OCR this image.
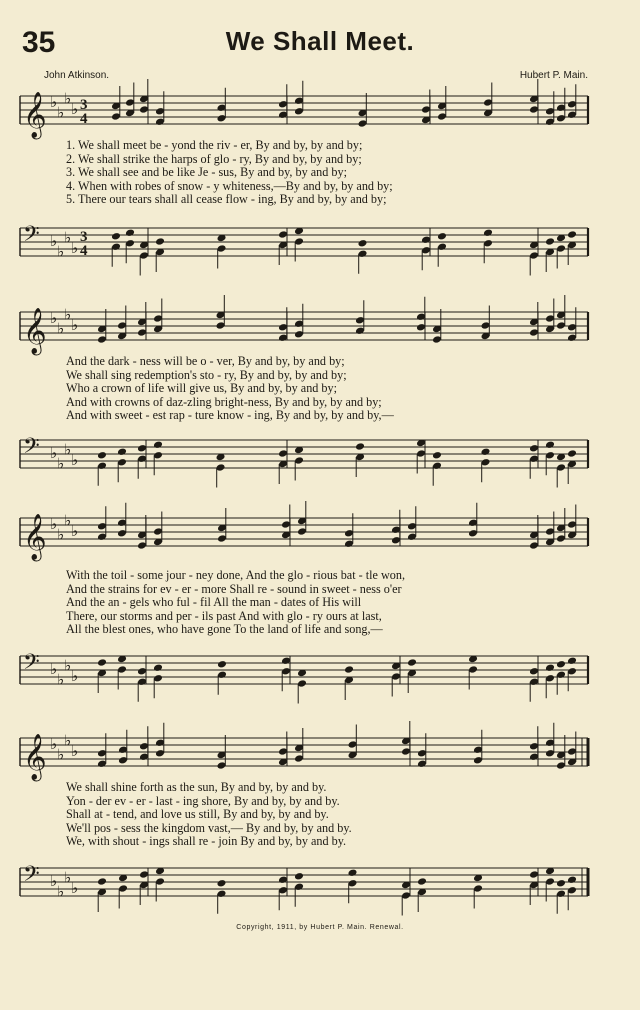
35	We Shall Meet.
John Atkinson.	Hubert P. Main.
𝄞 ♭
♭
♭
♭
𝄢 ♭
♭
♭
♭
3
4
3
4
𝄞 ♭
♭
♭
♭
𝄢 ♭
♭
♭
♭
𝄞 ♭
♭
♭
♭
𝄢 ♭
♭
♭
♭
𝄞 ♭
♭
♭
♭
𝄢 ♭
♭
♭
♭
1. We shall meet be - yond the riv - er, By and by, by and by;
2. We shall strike the harps of glo - ry, By and by, by and by;
3. We shall see and be like Je - sus, By and by, by and by;
4. When with robes of snow - y whiteness,—By and by, by and by;
5. There our tears shall all cease flow - ing, By and by, by and by;
And the dark - ness will be o - ver, By and by, by and by;
We shall sing redemption's sto - ry, By and by, by and by;
Who a crown of life will give us, By and by, by and by;
And with crowns of daz-zling bright-ness, By and by, by and by;
And with sweet - est rap - ture know - ing, By and by, by and by,—
With the toil - some jour - ney done, And the glo - rious bat - tle won,
And the strains for ev - er - more Shall re - sound in sweet - ness o'er
And the an - gels who ful - fil All the man - dates of His will
There, our storms and per - ils past And with glo - ry ours at last,
All the blest ones, who have gone To the land of life and song,—
We shall shine forth as the sun, By and by, by and by.
Yon - der ev - er - last - ing shore, By and by, by and by.
Shall at - tend, and love us still, By and by, by and by.
We'll pos - sess the kingdom vast,— By and by, by and by.
We, with shout - ings shall re - join By and by, by and by.
Copyright, 1911, by Hubert P. Main. Renewal.
